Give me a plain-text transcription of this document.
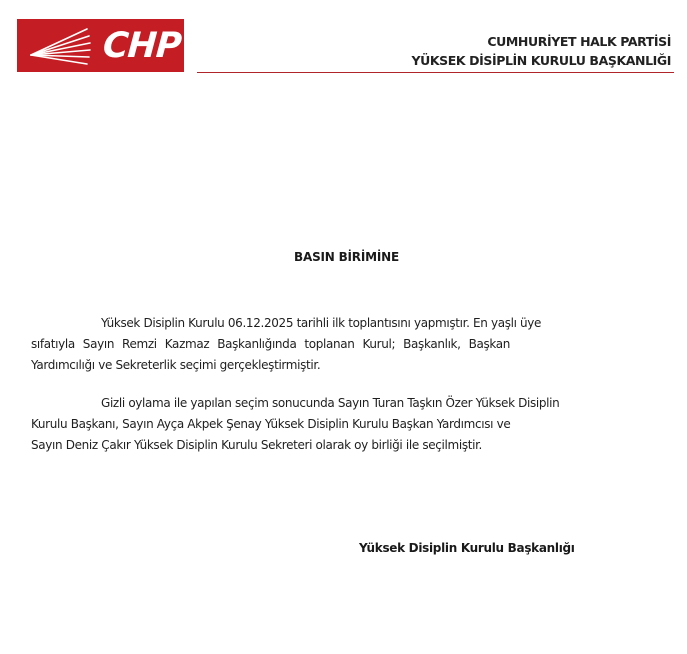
CHP	CUMHURİYET HALK PARTİSİ
YÜKSEK DİSİPLİN KURULU BAŞKANLIĞI
BASIN BİRİMİNE
Yüksek Disiplin Kurulu 06.12.2025 tarihli ilk toplantısını yapmıştır. En yaşlı üye
sıfatıyla Sayın Remzi Kazmaz Başkanlığında toplanan Kurul; Başkanlık, Başkan
Yardımcılığı ve Sekreterlik seçimi gerçekleştirmiştir.
Gizli oylama ile yapılan seçim sonucunda Sayın Turan Taşkın Özer Yüksek Disiplin
Kurulu Başkanı, Sayın Ayça Akpek Şenay Yüksek Disiplin Kurulu Başkan Yardımcısı ve
Sayın Deniz Çakır Yüksek Disiplin Kurulu Sekreteri olarak oy birliği ile seçilmiştir.
Yüksek Disiplin Kurulu Başkanlığı
